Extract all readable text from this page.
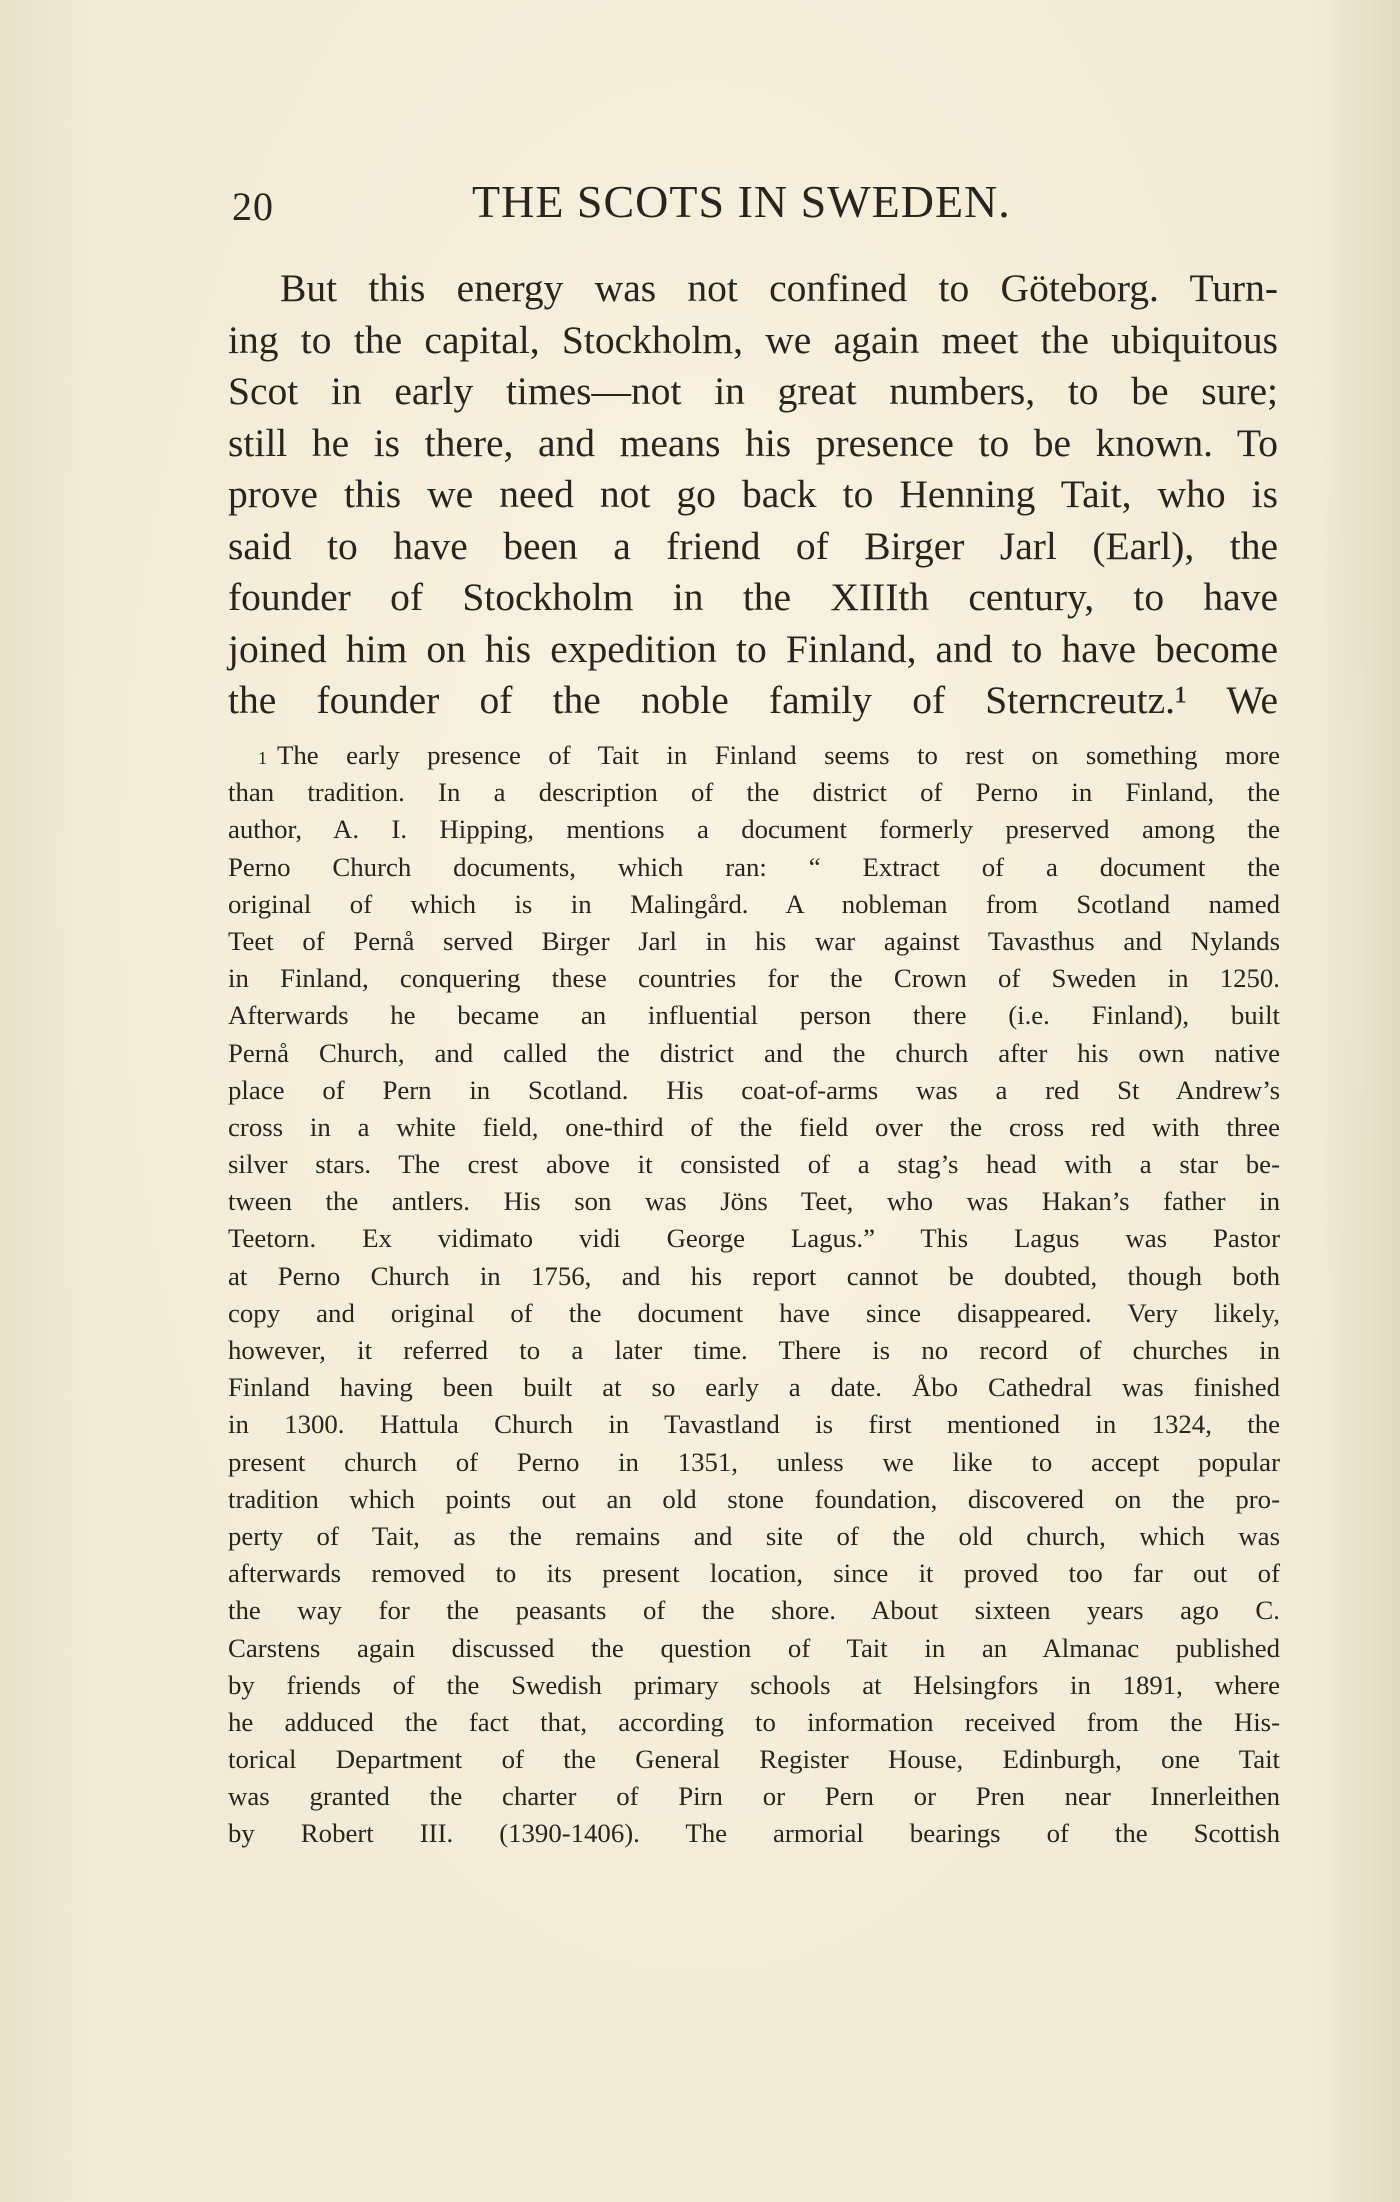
20	THE SCOTS IN SWEDEN.
But this energy was not confined to Göteborg. Turn-
ing to the capital, Stockholm, we again meet the ubiquitous
Scot in early times—not in great numbers, to be sure;
still he is there, and means his presence to be known. To
prove this we need not go back to Henning Tait, who is
said to have been a friend of Birger Jarl (Earl), the
founder of Stockholm in the XIIIth century, to have
joined him on his expedition to Finland, and to have become
the founder of the noble family of Sterncreutz.¹ We
1 The early presence of Tait in Finland seems to rest on something more
than tradition. In a description of the district of Perno in Finland, the
author, A. I. Hipping, mentions a document formerly preserved among the
Perno Church documents, which ran: “ Extract of a document the
original of which is in Malingård. A nobleman from Scotland named
Teet of Pernå served Birger Jarl in his war against Tavasthus and Nylands
in Finland, conquering these countries for the Crown of Sweden in 1250.
Afterwards he became an influential person there (i.e. Finland), built
Pernå Church, and called the district and the church after his own native
place of Pern in Scotland. His coat-of-arms was a red St Andrew’s
cross in a white field, one-third of the field over the cross red with three
silver stars. The crest above it consisted of a stag’s head with a star be-
tween the antlers. His son was Jöns Teet, who was Hakan’s father in
Teetorn. Ex vidimato vidi George Lagus.” This Lagus was Pastor
at Perno Church in 1756, and his report cannot be doubted, though both
copy and original of the document have since disappeared. Very likely,
however, it referred to a later time. There is no record of churches in
Finland having been built at so early a date. Åbo Cathedral was finished
in 1300. Hattula Church in Tavastland is first mentioned in 1324, the
present church of Perno in 1351, unless we like to accept popular
tradition which points out an old stone foundation, discovered on the pro-
perty of Tait, as the remains and site of the old church, which was
afterwards removed to its present location, since it proved too far out of
the way for the peasants of the shore. About sixteen years ago C.
Carstens again discussed the question of Tait in an Almanac published
by friends of the Swedish primary schools at Helsingfors in 1891, where
he adduced the fact that, according to information received from the His-
torical Department of the General Register House, Edinburgh, one Tait
was granted the charter of Pirn or Pern or Pren near Innerleithen
by Robert III. (1390-1406). The armorial bearings of the Scottish
